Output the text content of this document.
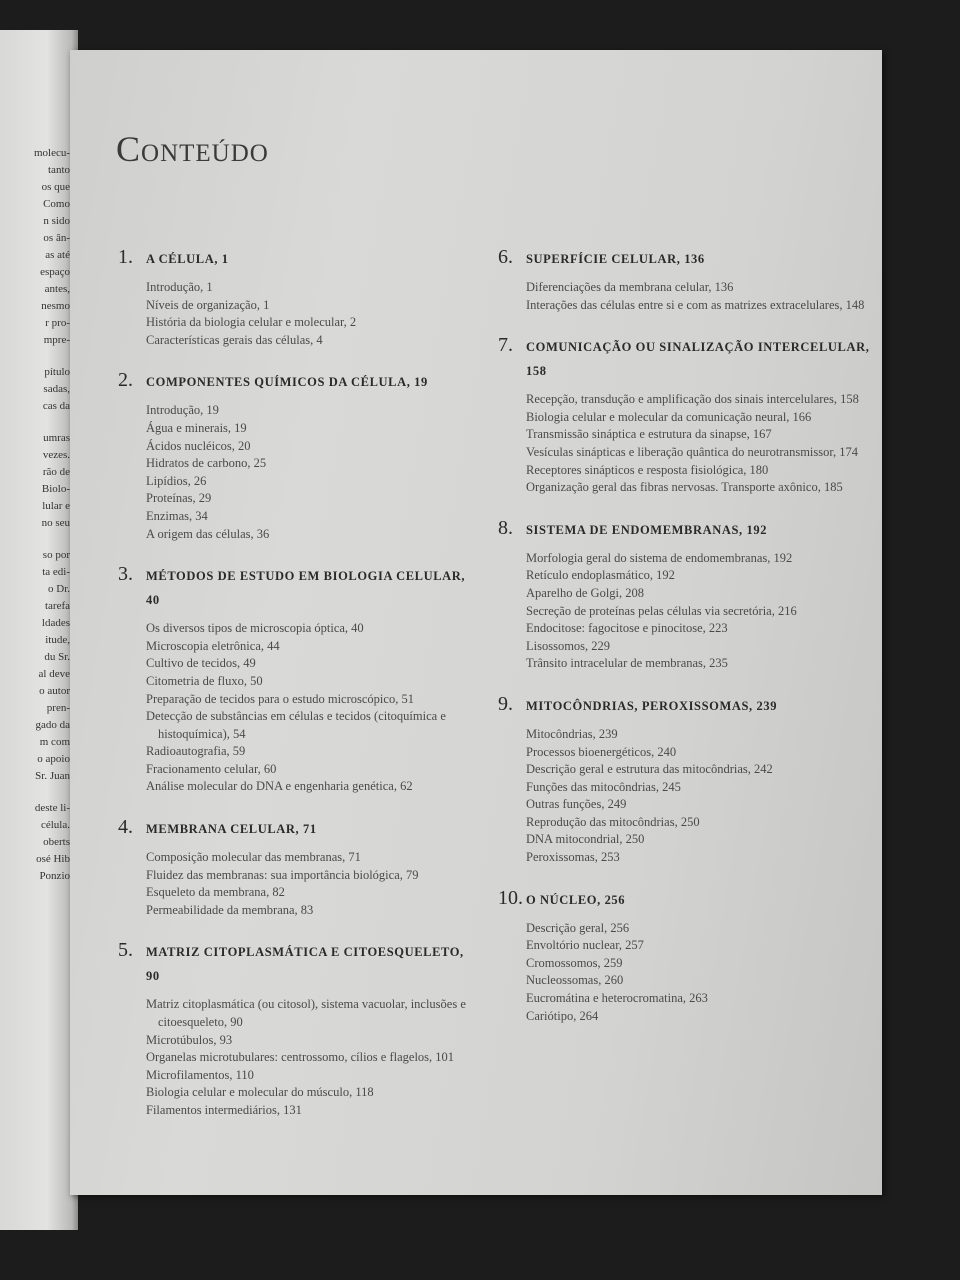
molecu-
tanto
os que
Como
n sido
os ân-
as até
espaço
antes,
nesmo
r pro-
mpre-
pítulo
sadas,
cas da
umras
vezes.
rão de
Biolo-
lular e
no seu
so por
ta edi-
o Dr.
tarefa
ldades
itude,
du Sr.
al deve
o autor
pren-
gado da
m com
o apoio
Sr. Juan
deste li-
célula.
oberts
osé Hib
Ponzio
Conteúdo
1.	A CÉLULA, 1
Introdução, 1
Níveis de organização, 1
História da biologia celular e molecular, 2
Características gerais das células, 4
2.	COMPONENTES QUÍMICOS DA CÉLULA, 19
Introdução, 19
Água e minerais, 19
Ácidos nucléicos, 20
Hidratos de carbono, 25
Lipídios, 26
Proteínas, 29
Enzimas, 34
A origem das células, 36
3.	MÉTODOS DE ESTUDO EM BIOLOGIA CELULAR, 40
Os diversos tipos de microscopia óptica, 40
Microscopia eletrônica, 44
Cultivo de tecidos, 49
Citometria de fluxo, 50
Preparação de tecidos para o estudo microscópico, 51
Detecção de substâncias em células e tecidos (citoquímica e histoquímica), 54
Radioautografia, 59
Fracionamento celular, 60
Análise molecular do DNA e engenharia genética, 62
4.	MEMBRANA CELULAR, 71
Composição molecular das membranas, 71
Fluidez das membranas: sua importância biológica, 79
Esqueleto da membrana, 82
Permeabilidade da membrana, 83
5.	MATRIZ CITOPLASMÁTICA E CITOESQUELETO, 90
Matriz citoplasmática (ou citosol), sistema vacuolar, inclusões e citoesqueleto, 90
Microtúbulos, 93
Organelas microtubulares: centrossomo, cílios e flagelos, 101
Microfilamentos, 110
Biologia celular e molecular do músculo, 118
Filamentos intermediários, 131
6.	SUPERFÍCIE CELULAR, 136
Diferenciações da membrana celular, 136
Interações das células entre si e com as matrizes extracelulares, 148
7.	COMUNICAÇÃO OU SINALIZAÇÃO INTERCELULAR, 158
Recepção, transdução e amplificação dos sinais intercelulares, 158
Biologia celular e molecular da comunicação neural, 166
Transmissão sináptica e estrutura da sinapse, 167
Vesículas sinápticas e liberação quântica do neurotransmissor, 174
Receptores sinápticos e resposta fisiológica, 180
Organização geral das fibras nervosas. Transporte axônico, 185
8.	SISTEMA DE ENDOMEMBRANAS, 192
Morfologia geral do sistema de endomembranas, 192
Retículo endoplasmático, 192
Aparelho de Golgi, 208
Secreção de proteínas pelas células via secretória, 216
Endocitose: fagocitose e pinocitose, 223
Lisossomos, 229
Trânsito intracelular de membranas, 235
9.	MITOCÔNDRIAS, PEROXISSOMAS, 239
Mitocôndrias, 239
Processos bioenergéticos, 240
Descrição geral e estrutura das mitocôndrias, 242
Funções das mitocôndrias, 245
Outras funções, 249
Reprodução das mitocôndrias, 250
DNA mitocondrial, 250
Peroxissomas, 253
10. O NÚCLEO, 256
Descrição geral, 256
Envoltório nuclear, 257
Cromossomos, 259
Nucleossomas, 260
Eucromátina e heterocromatina, 263
Cariótipo, 264
